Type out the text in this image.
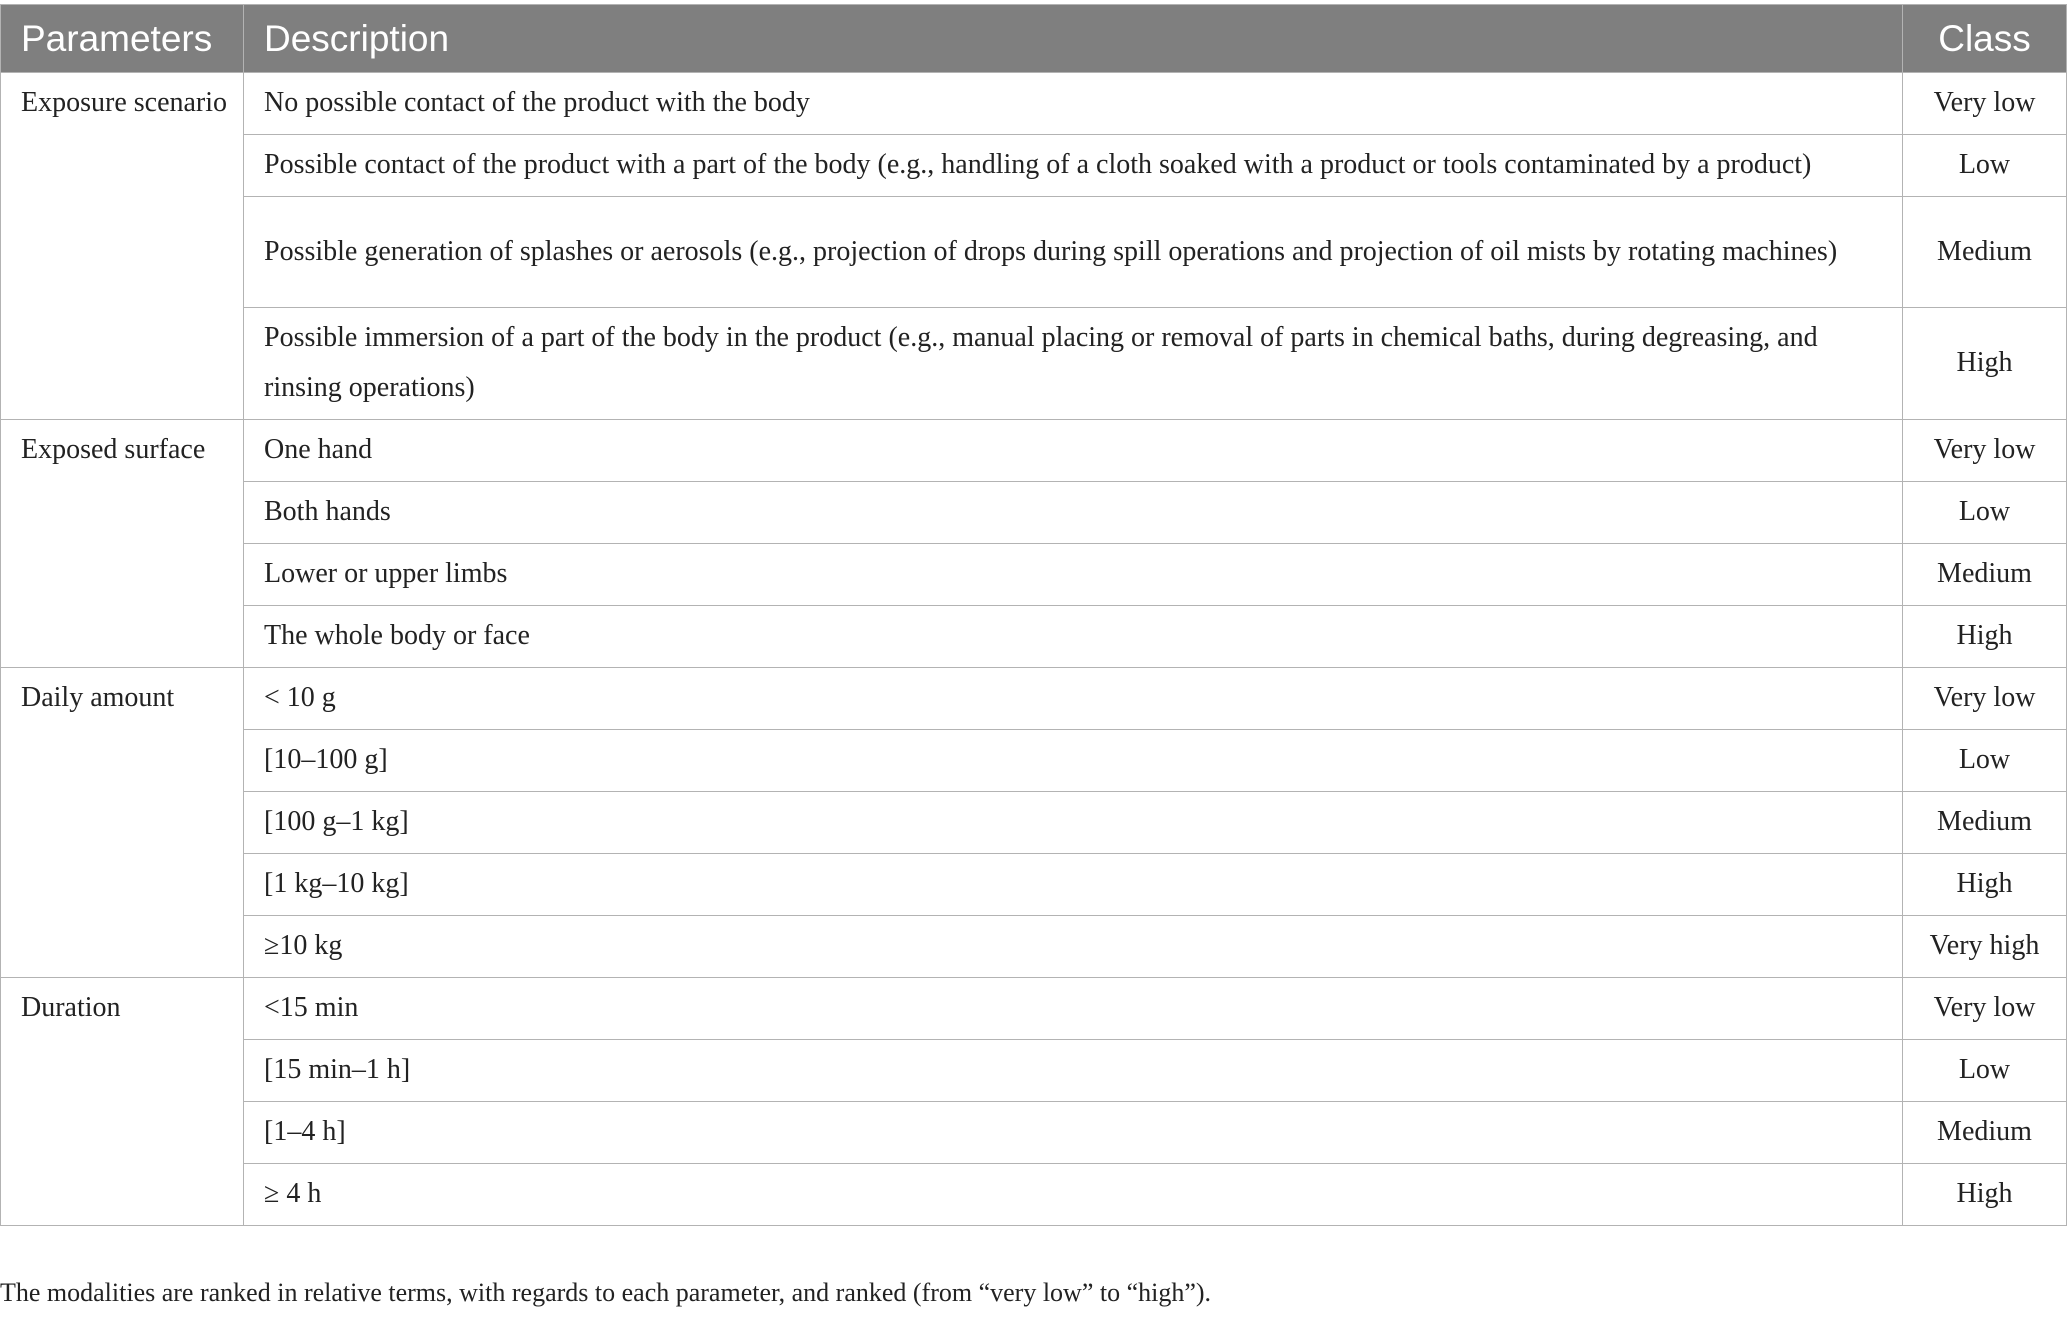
Parameters	Description	Class
Exposure scenario	No possible contact of the product with the body	Very low
	Possible contact of the product with a part of the body (e.g., handling of a cloth soaked with a product or tools contaminated by a product)	Low
	Possible generation of splashes or aerosols (e.g., projection of drops during spill operations and projection of oil mists by rotating machines)	Medium
	Possible immersion of a part of the body in the product (e.g., manual placing or removal of parts in chemical baths, during degreasing, and rinsing operations)	High
Exposed surface	One hand	Very low
	Both hands	Low
	Lower or upper limbs	Medium
	The whole body or face	High
Daily amount	< 10 g	Very low
	[10–100 g]	Low
	[100 g–1 kg]	Medium
	[1 kg–10 kg]	High
	≥10 kg	Very high
Duration	<15 min	Very low
	[15 min–1 h]	Low
	[1–4 h]	Medium
	≥ 4 h	High
The modalities are ranked in relative terms, with regards to each parameter, and ranked (from “very low” to “high”).
